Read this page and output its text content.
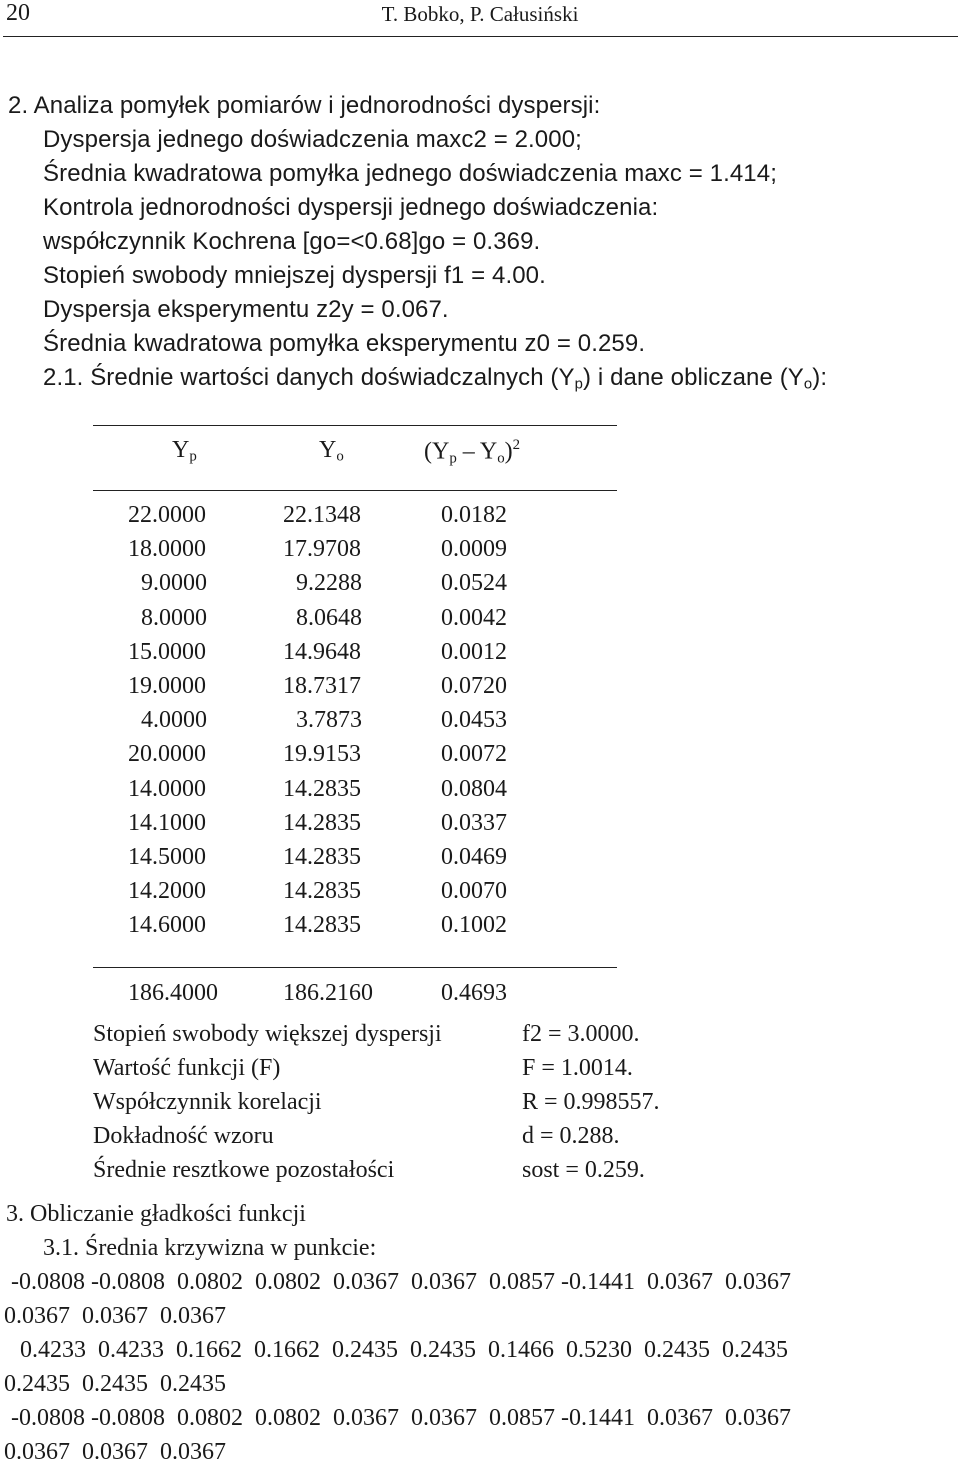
20	T. Bobko, P. Całusiński
2. Analiza pomyłek pomiarów i jednorodności dyspersji:
Dyspersja jednego doświadczenia maxc2 = 2.000;
Średnia kwadratowa pomyłka jednego doświadczenia maxc = 1.414;
Kontrola jednorodności dyspersji jednego doświadczenia:
współczynnik Kochrena [go=<0.68]go = 0.369.
Stopień swobody mniejszej dyspersji f1 = 4.00.
Dyspersja eksperymentu z2y = 0.067.
Średnia kwadratowa pomyłka eksperymentu z0 = 0.259.
2.1. Średnie wartości danych doświadczalnych $(Y_p)$ i dane obliczane $(Y_o)$:
$Y_p$	$Y_o$	$(Y_p - Y_o)^2$
22.0000	22.1348	0.0182
18.0000	17.9708	0.0009
9.0000	9.2288	0.0524
8.0000	8.0648	0.0042
15.0000	14.9648	0.0012
19.0000	18.7317	0.0720
4.0000	3.7873	0.0453
20.0000	19.9153	0.0072
14.0000	14.2835	0.0804
14.1000	14.2835	0.0337
14.5000	14.2835	0.0469
14.2000	14.2835	0.0070
14.6000	14.2835	0.1002
186.4000	186.2160	0.4693
Stopień swobody większej dyspersji	f2 = 3.0000.
Wartość funkcji (F)	F = 1.0014.
Współczynnik korelacji	R = 0.998557.
Dokładność wzoru	d = 0.288.
Średnie resztkowe pozostałości	sost = 0.259.
3. Obliczanie gładkości funkcji
3.1. Średnia krzywizna w punkcie:
-0.0808 -0.0808  0.0802  0.0802  0.0367  0.0367  0.0857 -0.1441  0.0367  0.0367
0.0367  0.0367  0.0367
0.4233  0.4233  0.1662  0.1662  0.2435  0.2435  0.1466  0.5230  0.2435  0.2435
0.2435  0.2435  0.2435
-0.0808 -0.0808  0.0802  0.0802  0.0367  0.0367  0.0857 -0.1441  0.0367  0.0367
0.0367  0.0367  0.0367
